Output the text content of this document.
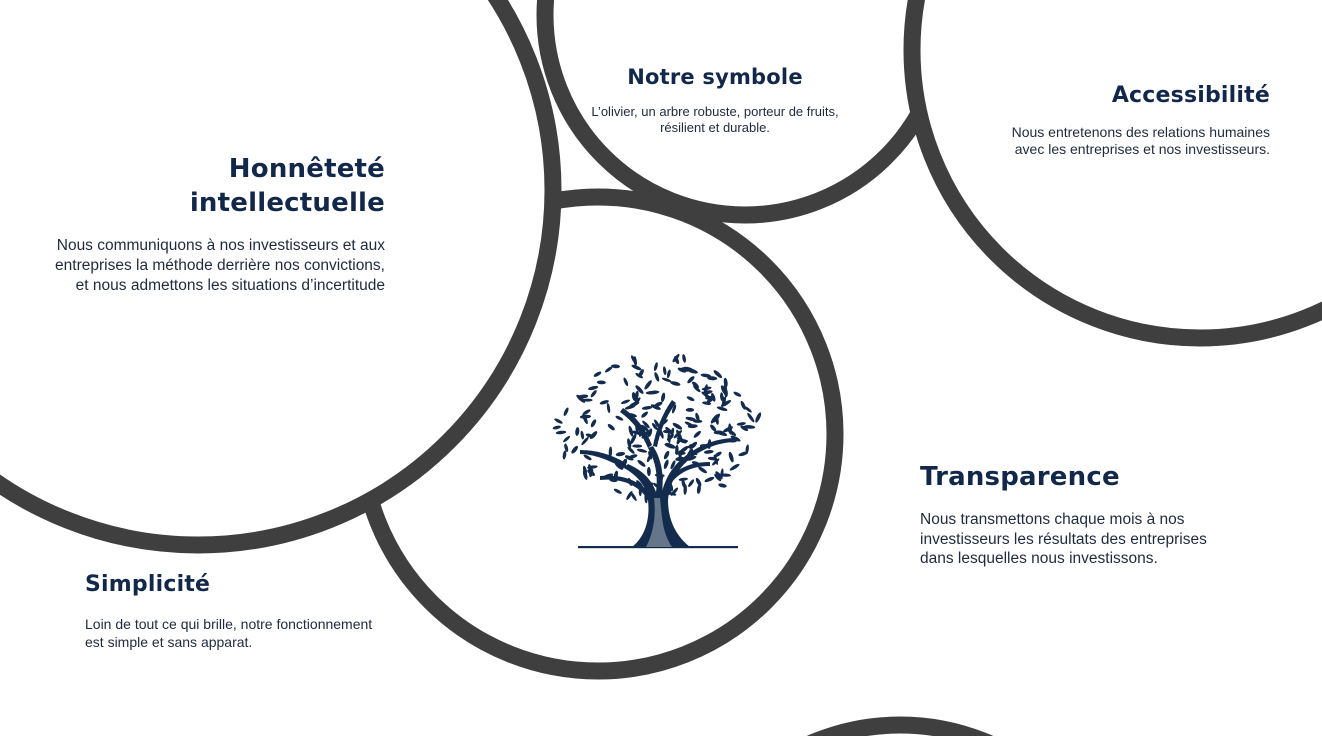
Notre symbole

L’olivier, un arbre robuste, porteur de fruits, résilient et durable.

Accessibilité

Nous entretenons des relations humaines avec les entreprises et nos investisseurs.

Honnêteté
intellectuelle

Nous communiquons à nos investisseurs et aux entreprises la méthode derrière nos convictions, et nous admettons les situations d’incertitude

Transparence

Nous transmettons chaque mois à nos investisseurs les résultats des entreprises dans lesquelles nous investissons.

Simplicité

Loin de tout ce qui brille, notre fonctionnement est simple et sans apparat.
